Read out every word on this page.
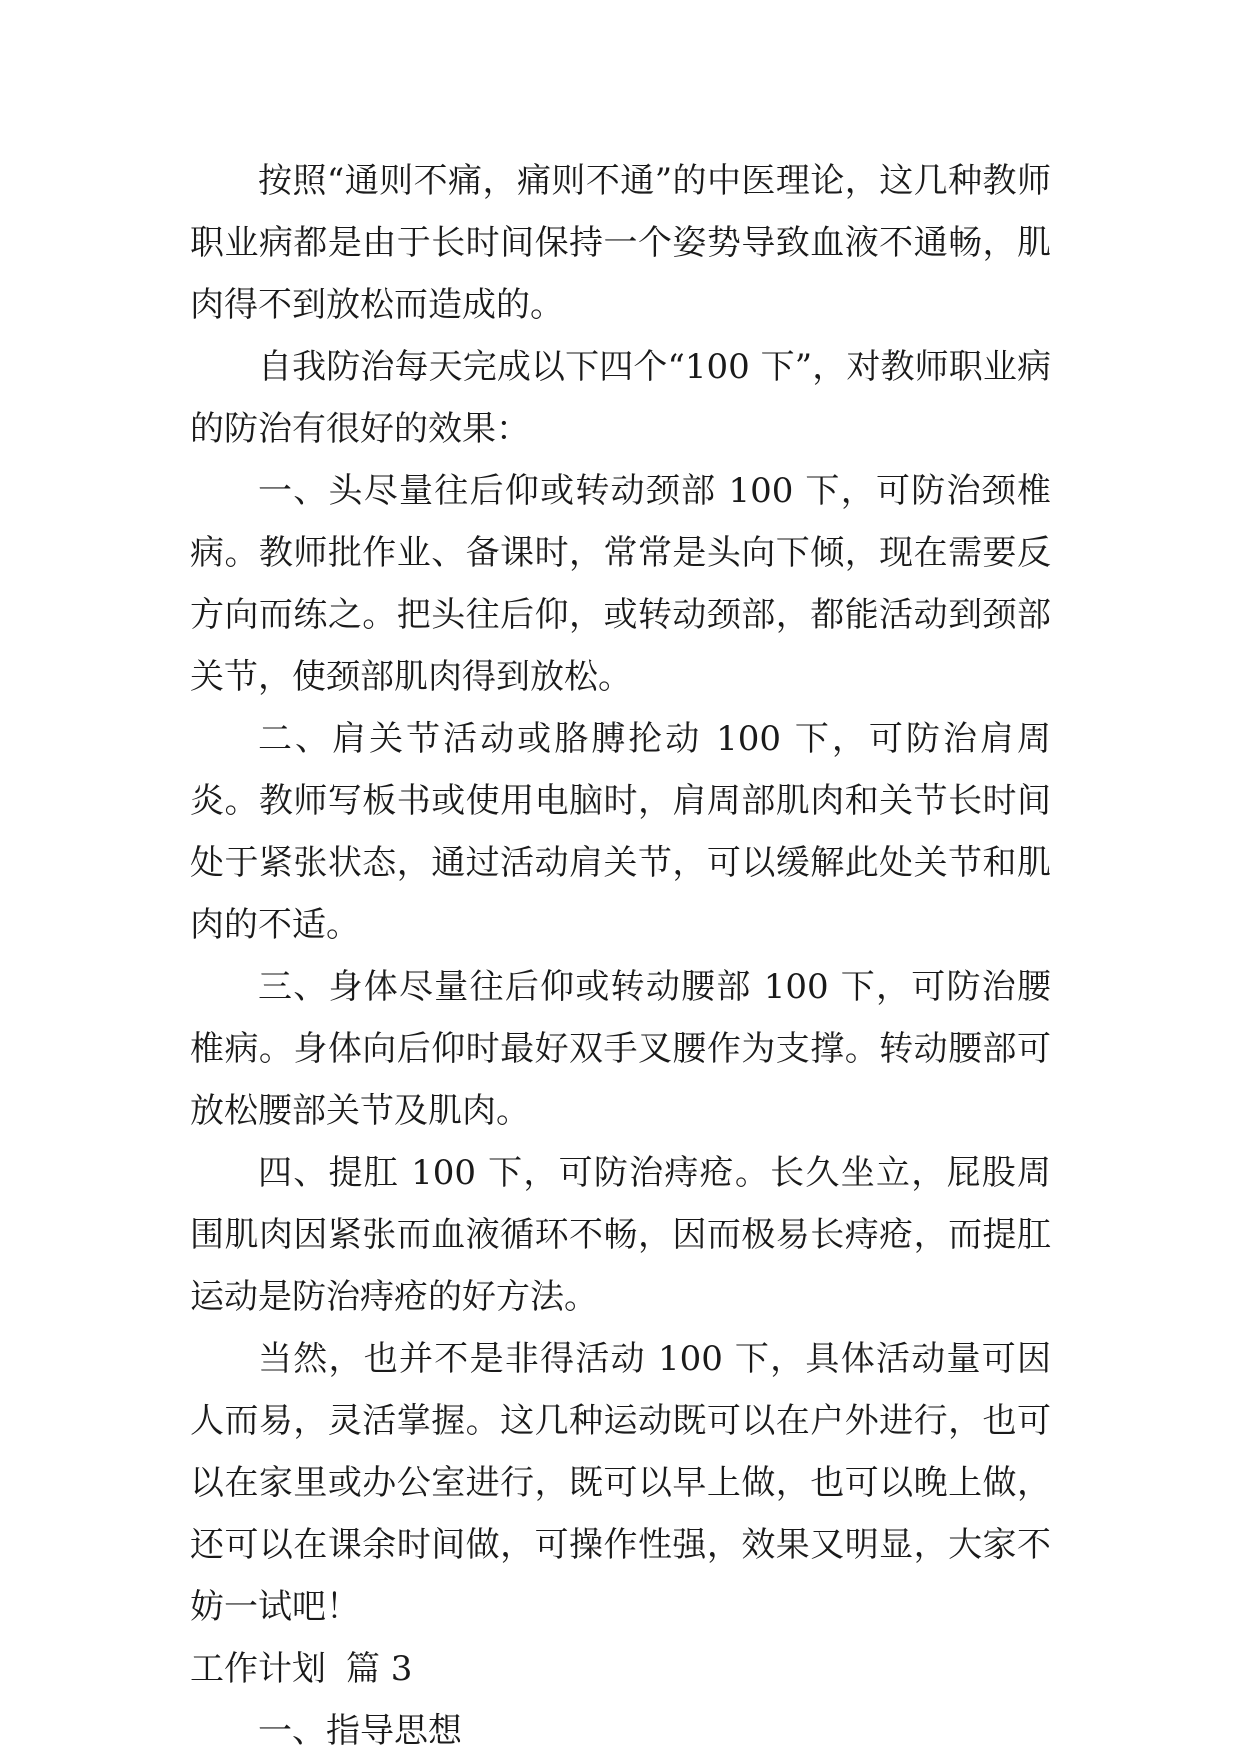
按照“通则不痛，痛则不通”的中医理论，这几种教师职业病都是由于长时间保持一个姿势导致血液不通畅，肌肉得不到放松而造成的。

自我防治每天完成以下四个“100 下”，对教师职业病的防治有很好的效果：

一、头尽量往后仰或转动颈部 100 下，可防治颈椎病。教师批作业、备课时，常常是头向下倾，现在需要反方向而练之。把头往后仰，或转动颈部，都能活动到颈部关节，使颈部肌肉得到放松。

二、肩关节活动或胳膊抡动 100 下，可防治肩周炎。教师写板书或使用电脑时，肩周部肌肉和关节长时间处于紧张状态，通过活动肩关节，可以缓解此处关节和肌肉的不适。

三、身体尽量往后仰或转动腰部 100 下，可防治腰椎病。身体向后仰时最好双手叉腰作为支撑。转动腰部可放松腰部关节及肌肉。

四、提肛 100 下，可防治痔疮。长久坐立，屁股周围肌肉因紧张而血液循环不畅，因而极易长痔疮，而提肛运动是防治痔疮的好方法。

当然，也并不是非得活动 100 下，具体活动量可因人而易，灵活掌握。这几种运动既可以在户外进行，也可以在家里或办公室进行，既可以早上做，也可以晚上做，还可以在课余时间做，可操作性强，效果又明显，大家不妨一试吧！

工作计划 篇 3

一、指导思想
